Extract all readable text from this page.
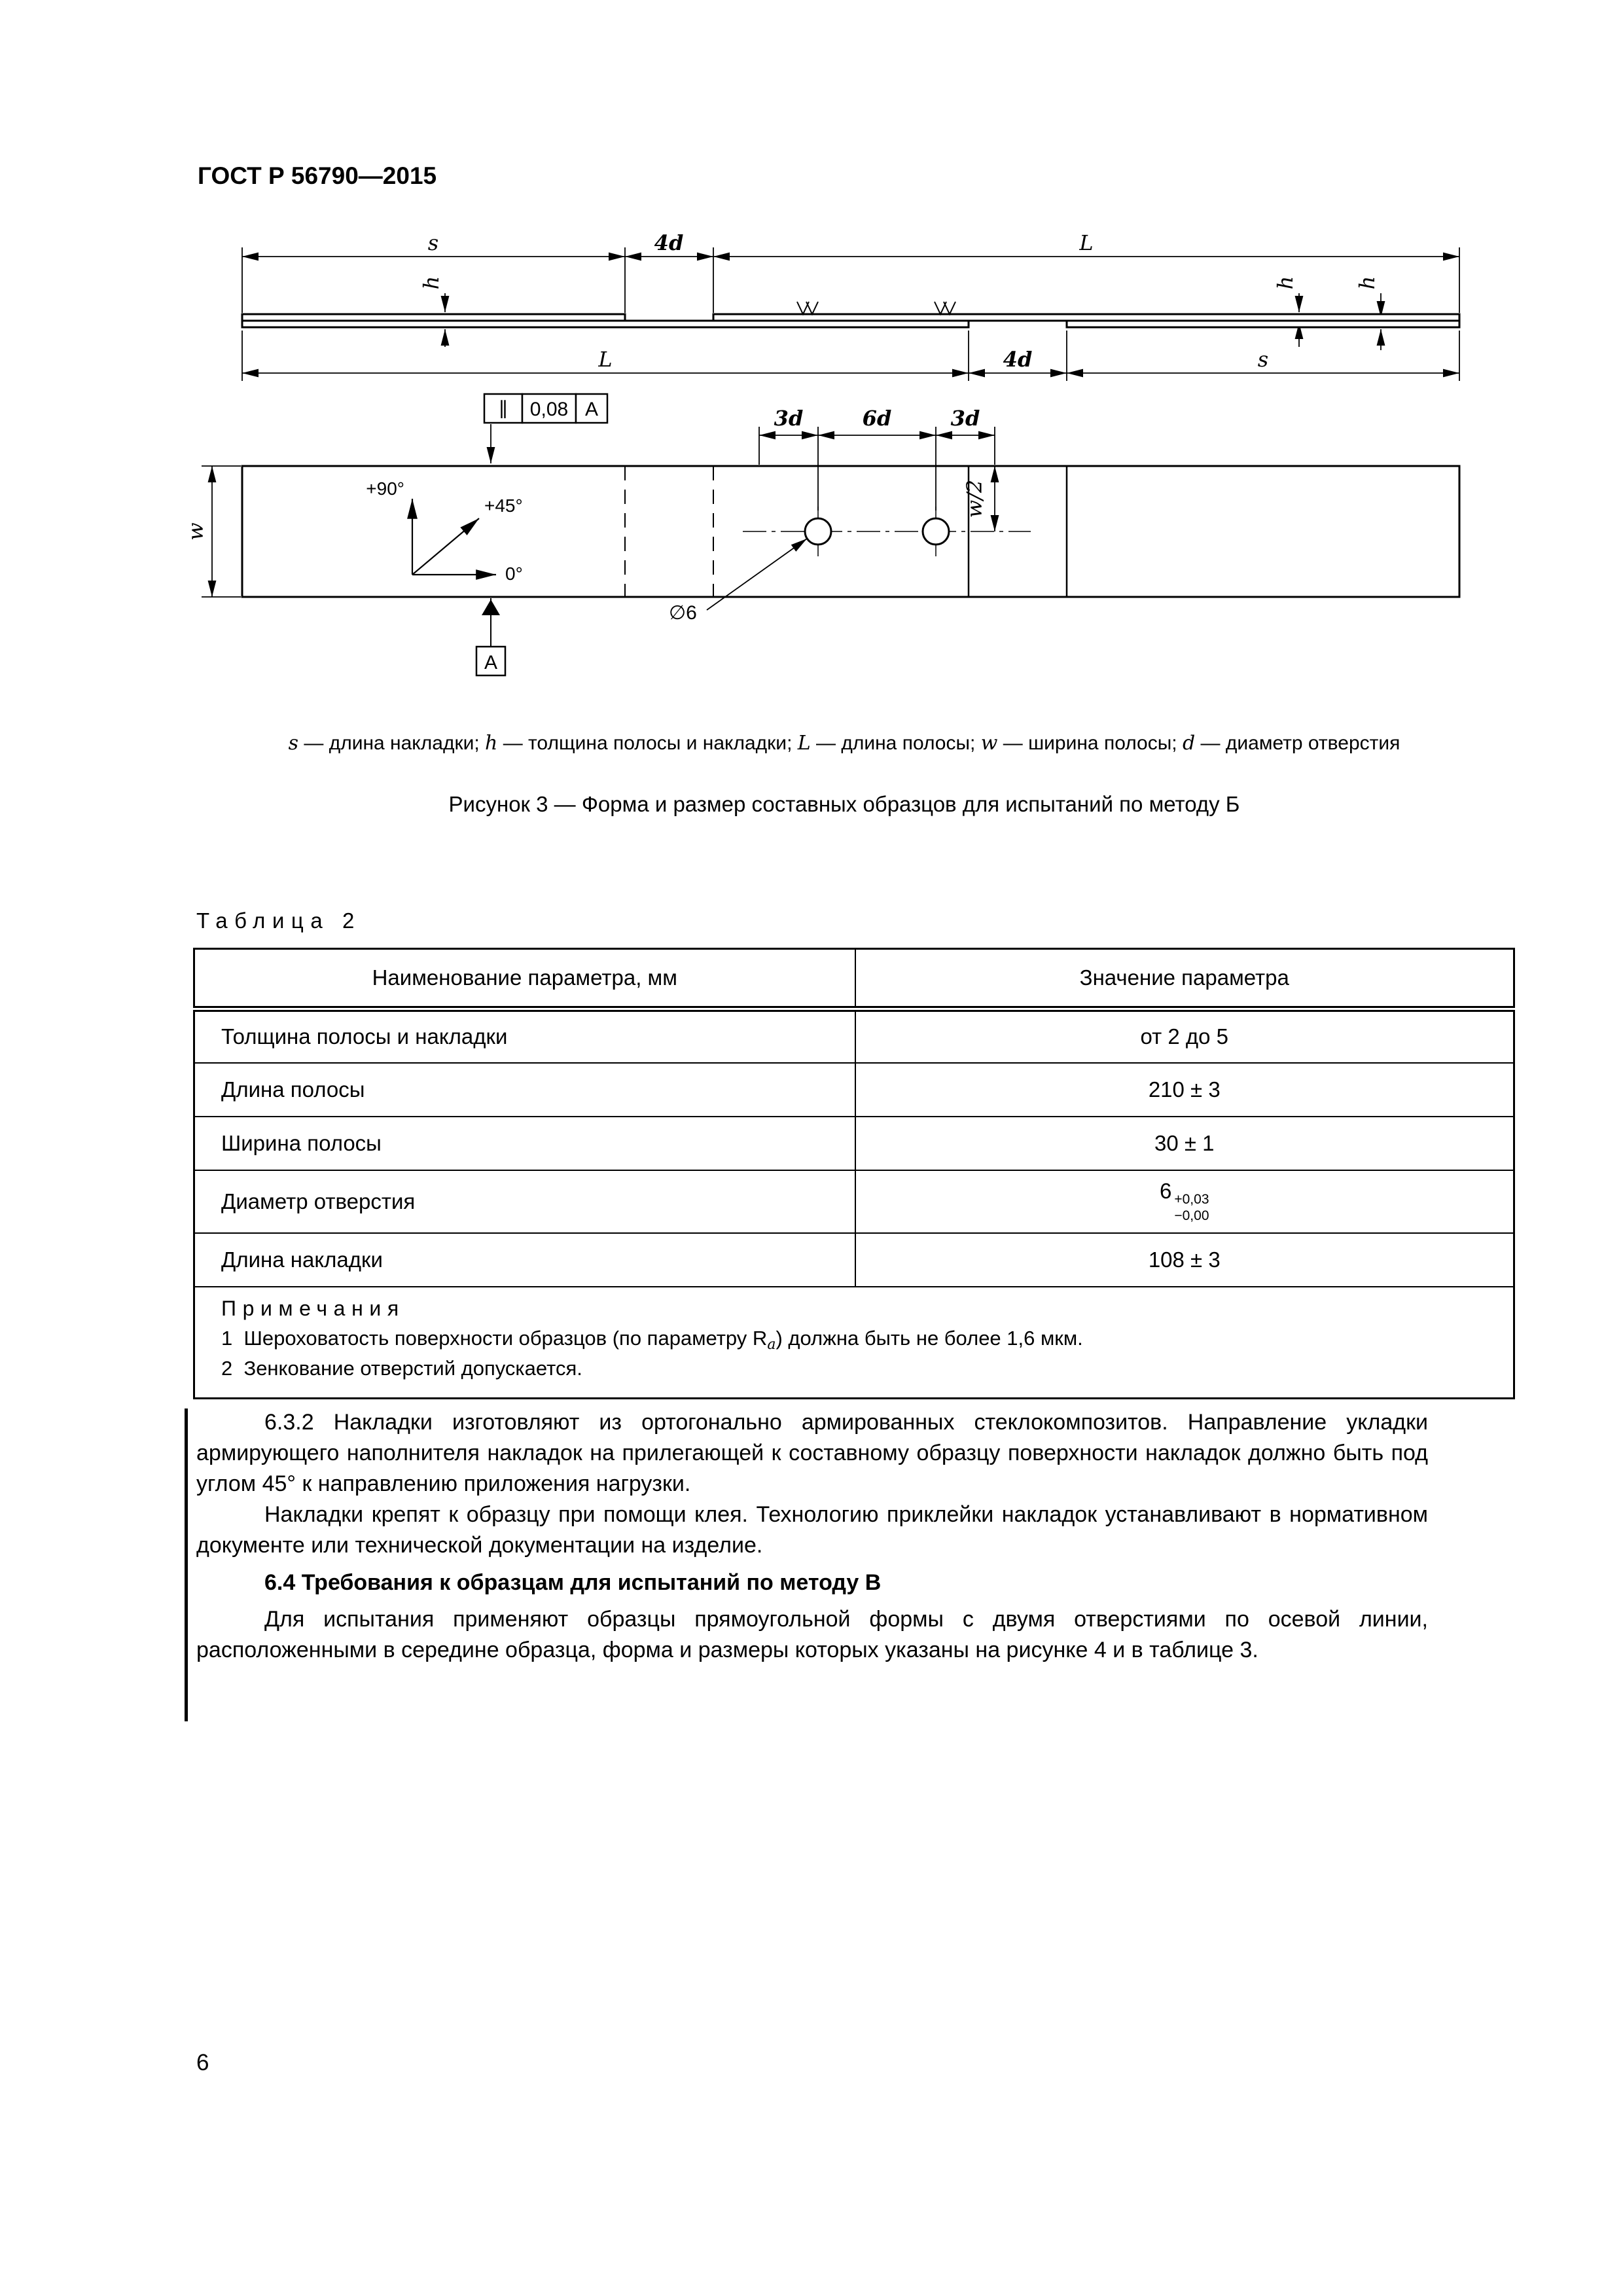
ГОСТ Р 56790—2015
s	4d	L
L	4d	s
h	h	h
3d	6d	3d
w
w/2
+90°
+45°
0°
∥ 0,08 A
A
∅6
s — длина накладки; h — толщина полосы и накладки; L — длина полосы; w — ширина полосы; d — диаметр отверстия
Рисунок 3 — Форма и размер составных образцов для испытаний по методу Б
Таблица 2
Наименование параметра, мм	Значение параметра
Толщина полосы и накладки	от 2 до 5
Длина полосы	210 ± 3
Ширина полосы	30 ± 1
Диаметр отверстия	6 +0,03
−0,00

Длина накладки	108 ± 3

Примечания
1  Шероховатость поверхности образцов (по параметру Ra) должна быть не более 1,6 мкм.
2  Зенкование отверстий допускается.	

6.3.2 Накладки изготовляют из ортогонально армированных стеклокомпозитов. Направление укладки армирующего наполнителя накладок на прилегающей к составному образцу поверхности накладок должно быть под углом 45° к направлению приложения нагрузки.

Накладки крепят к образцу при помощи клея. Технологию приклейки накладок устанавливают в нормативном документе или технической документации на изделие.

6.4 Требования к образцам для испытаний по методу В

Для испытания применяют образцы прямоугольной формы с двумя отверстиями по осевой линии, расположенными в середине образца, форма и размеры которых указаны на рисунке 4 и в таблице 3.

6
